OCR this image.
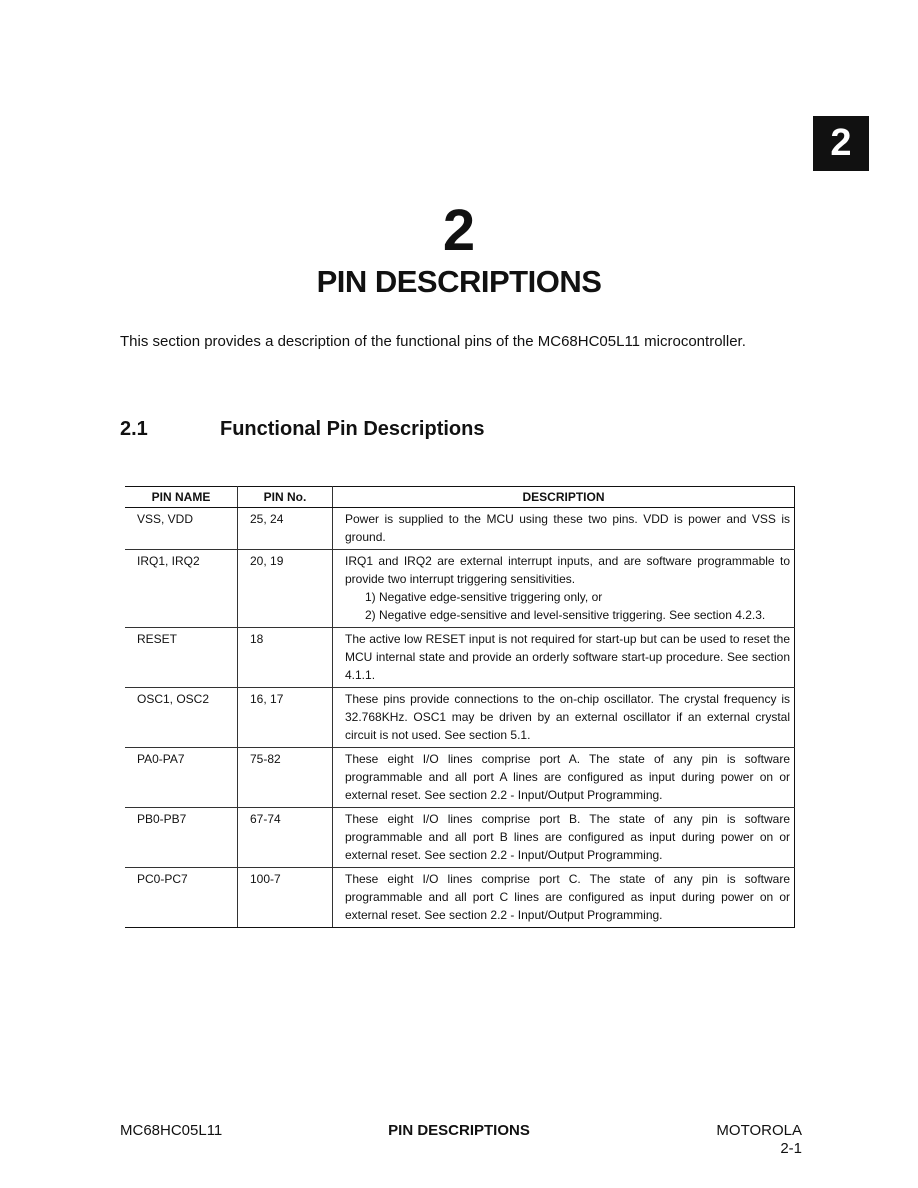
2
2
PIN DESCRIPTIONS
This section provides a description of the functional pins of the MC68HC05L11 microcontroller.
2.1	Functional Pin Descriptions
PIN NAME	PIN No.	DESCRIPTION
VSS, VDD	25, 24	Power is supplied to the MCU using these two pins. VDD is power and VSS is ground.
IRQ1, IRQ2	20, 19	IRQ1 and IRQ2 are external interrupt inputs, and are software programmable to provide two interrupt triggering sensitivities.
1) Negative edge-sensitive triggering only, or
2) Negative edge-sensitive and level-sensitive triggering. See section 4.2.3.

RESET	18	The active low RESET input is not required for start-up but can be used to reset the MCU internal state and provide an orderly software start-up procedure. See section 4.1.1.
OSC1, OSC2	16, 17	These pins provide connections to the on-chip oscillator. The crystal frequency is 32.768KHz. OSC1 may be driven by an external oscillator if an external crystal circuit is not used. See section 5.1.
PA0-PA7	75-82	These eight I/O lines comprise port A. The state of any pin is software programmable and all port A lines are configured as input during power on or external reset. See section 2.2 - Input/Output Programming.
PB0-PB7	67-74	These eight I/O lines comprise port B. The state of any pin is software programmable and all port B lines are configured as input during power on or external reset. See section 2.2 - Input/Output Programming.
PC0-PC7	100-7	These eight I/O lines comprise port C. The state of any pin is software programmable and all port C lines are configured as input during power on or external reset. See section 2.2 - Input/Output Programming.
MC68HC05L11	PIN DESCRIPTIONS	MOTOROLA
2-1
